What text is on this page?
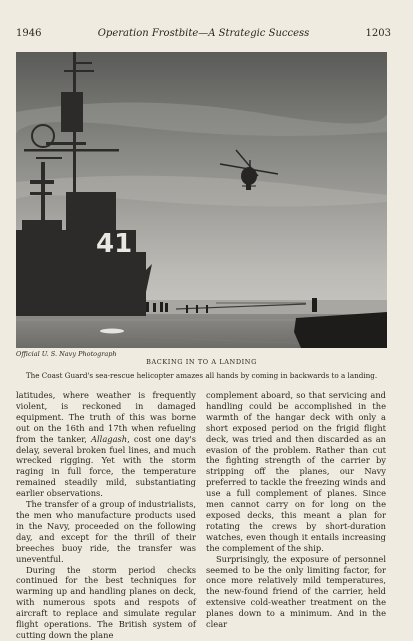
1946	Operation Frostbite—A Strategic Success	1203
41
Official U. S. Navy Photograph
BACKING IN TO A LANDING
The Coast Guard's sea-rescue helicopter amazes all hands by coming in backwards to a landing.

latitudes, where weather is frequently violent, is reckoned in damaged equipment. The truth of this was borne out on the 16th and 17th when refueling from the tanker, Allagash, cost one day's delay, several broken fuel lines, and much wrecked rigging. Yet with the storm raging in full force, the temperature remained steadily mild, substantiating earlier observations.

The transfer of a group of industrialists, the men who manufacture products used in the Navy, proceeded on the following day, and except for the thrill of their breeches buoy ride, the transfer was uneventful.

During the storm period checks continued for the best techniques for warming up and handling planes on deck, with numerous spots and respots of aircraft to replace and simulate regular flight operations. The British system of cutting down the plane

complement aboard, so that servicing and handling could be accomplished in the warmth of the hangar deck with only a short exposed period on the frigid flight deck, was tried and then discarded as an evasion of the problem. Rather than cut the fighting strength of the carrier by stripping off the planes, our Navy preferred to tackle the freezing winds and use a full complement of planes. Since men cannot carry on for long on the exposed decks, this meant a plan for rotating the crews by short-duration watches, even though it entails increasing the complement of the ship.

Surprisingly, the exposure of personnel seemed to be the only limiting factor, for once more relatively mild temperatures, the new-found friend of the carrier, held extensive cold-weather treatment on the planes down to a minimum. And in the clear
